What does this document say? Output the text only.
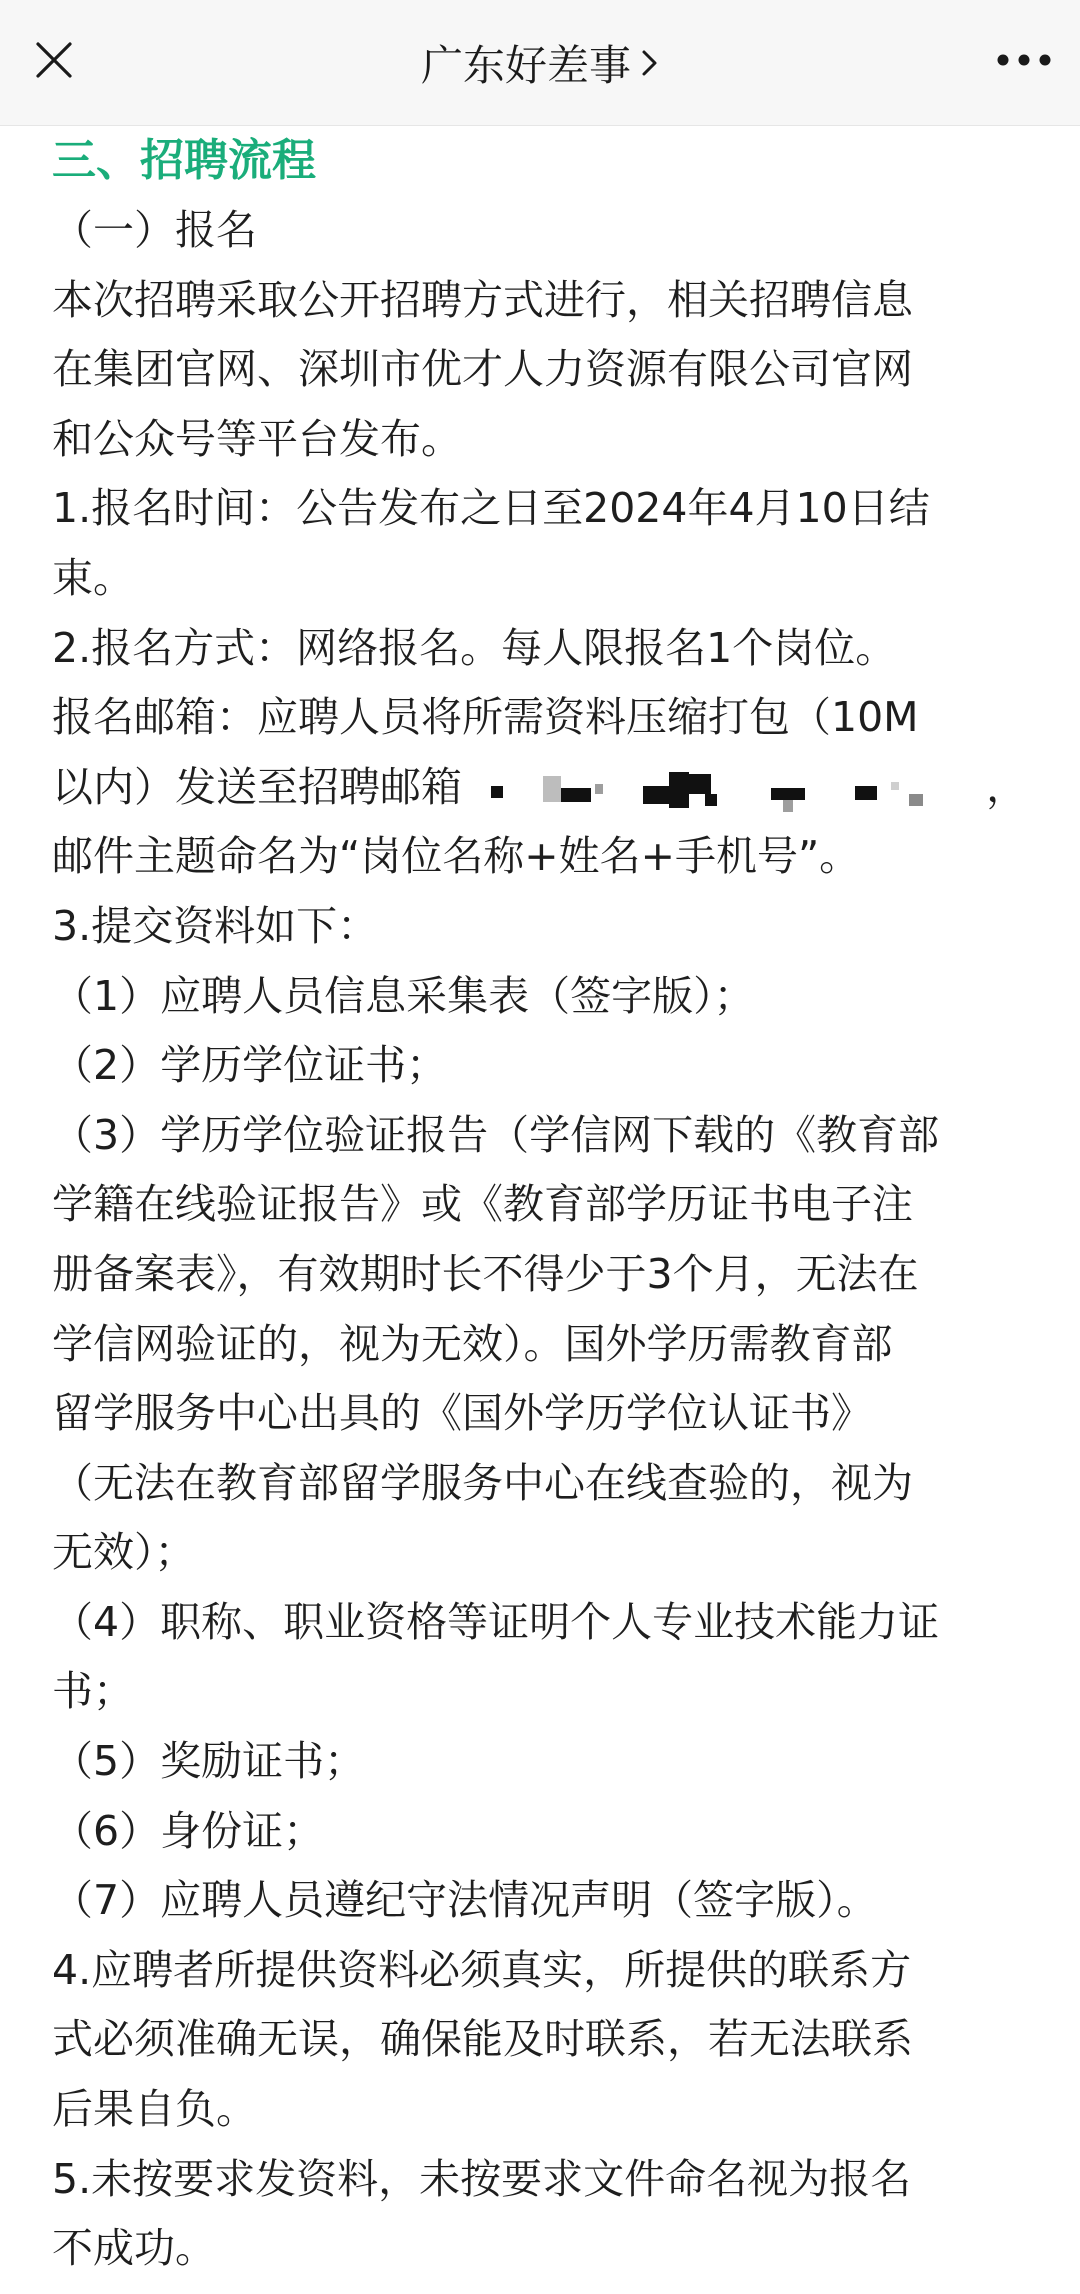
广东好差事
三、招聘流程
（一）报名
本次招聘采取公开招聘方式进行，相关招聘信息
在集团官网、深圳市优才人力资源有限公司官网
和公众号等平台发布。
1.报名时间：公告发布之日至2024年4月10日结
束。
2.报名方式：网络报名。每人限报名1个岗位。
报名邮箱：应聘人员将所需资料压缩打包（10M
以内）发送至招聘邮箱	，
邮件主题命名为“岗位名称+姓名+手机号”。
3.提交资料如下：
（1）应聘人员信息采集表（签字版）；
（2）学历学位证书；
（3）学历学位验证报告（学信网下载的《教育部
学籍在线验证报告》或《教育部学历证书电子注
册备案表》，有效期时长不得少于3个月，无法在
学信网验证的，视为无效）。国外学历需教育部
留学服务中心出具的《国外学历学位认证书》
（无法在教育部留学服务中心在线查验的，视为
无效）；
（4）职称、职业资格等证明个人专业技术能力证
书；
（5）奖励证书；
（6）身份证；
（7）应聘人员遵纪守法情况声明（签字版）。
4.应聘者所提供资料必须真实，所提供的联系方
式必须准确无误，确保能及时联系，若无法联系
后果自负。
5.未按要求发资料，未按要求文件命名视为报名
不成功。
